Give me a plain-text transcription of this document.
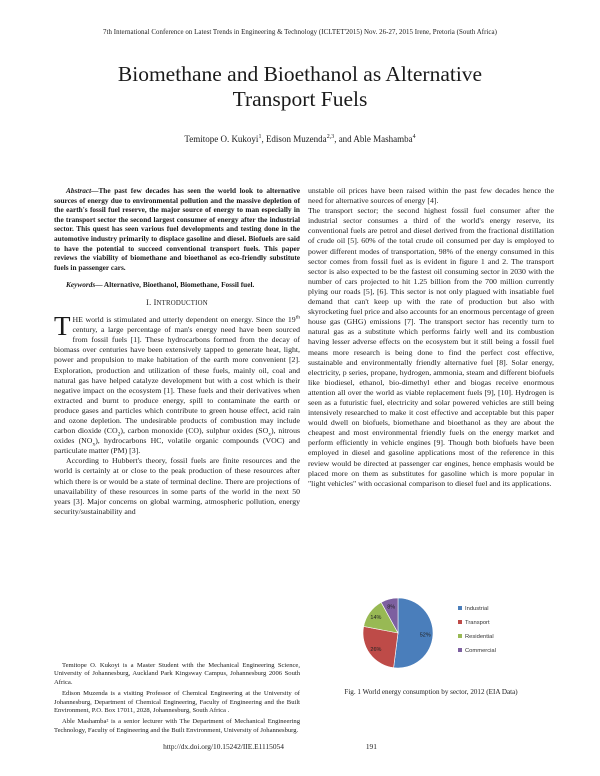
7th International Conference on Latest Trends in Engineering & Technology (ICLTET'2015) Nov. 26-27, 2015 Irene, Pretoria (South Africa)
Biomethane and Bioethanol as Alternative
Transport Fuels
Temitope O. Kukoyi$^1$, Edison Muzenda$^{2,3}$, and Able Mashamba$^4$

Abstract—The past few decades has seen the world look to alternative sources of energy due to environmental pollution and the massive depletion of the earth's fossil fuel reserve, the major source of energy to man especially in the transport sector the second largest consumer of energy after the industrial sector. This quest has seen various fuel developments and testing done in the automotive industry primarily to displace gasoline and diesel. Biofuels are said to have the potential to succeed conventional transport fuels. This paper reviews the viability of biomethane and bioethanol as eco-friendly substitute fuels in passenger cars.

Keywords— Alternative, Bioethanol, Biomethane, Fossil fuel.

I. INTRODUCTION

THE world is stimulated and utterly dependent on energy. Since the 19th century, a large percentage of man's energy need have been sourced from fossil fuels [1]. These hydrocarbons formed from the decay of biomass over centuries have been extensively tapped to generate heat, light, power and propulsion to make habitation of the earth more convenient [2]. Exploration, production and utilization of these fuels, mainly oil, coal and natural gas have helped catalyze development but with a cost which is their negative impact on the ecosystem [1]. These fuels and their derivatives when extracted and burnt to produce energy, spill to contaminate the earth or produce gases and particles which contribute to green house effect, acid rain and ozone depletion. The undesirable products of combustion may include carbon dioxide $(CO_2)$, carbon monoxide (CO), sulphur oxides $(SO_x)$, nitrous oxides $(NO_x)$, hydrocarbons HC, volatile organic compounds (VOC) and particulate matter (PM) [3].

According to Hubbert's theory, fossil fuels are finite resources and the world is certainly at or close to the peak production of these resources after which there is or would be a state of terminal decline. There are projections of unavailability of these resources in some parts of the world in the next 50 years [3]. Major concerns on global warming, atmospheric pollution, energy security/sustainability and

unstable oil prices have been raised within the past few decades hence the need for alternative sources of energy [4].

The transport sector; the second highest fossil fuel consumer after the industrial sector consumes a third of the world's energy reserve, its conventional fuels are petrol and diesel derived from the fractional distillation of crude oil [5]. 60% of the total crude oil consumed per day is employed to power different modes of transportation, 98% of the energy consumed in this sector comes from fossil fuel as is evident in figure 1 and 2. The transport sector is also expected to be the fastest oil consuming sector in 2030 with the number of cars projected to hit 1.25 billion from the 700 million currently plying our roads [5], [6]. This sector is not only plagued with insatiable fuel demand that can't keep up with the rate of production but also with skyrocketing fuel price and also accounts for an enormous percentage of green house gas (GHG) emissions [7]. The transport sector has recently turn to natural gas as a substitute which performs fairly well and its combustion having lesser adverse effects on the ecosystem but it still being a fossil fuel means more research is being done to find the perfect cost effective, sustainable and environmentally friendly alternative fuel [8]. Solar energy, electricity, p series, propane, hydrogen, ammonia, steam and different biofuels like biodiesel, ethanol, bio-dimethyl ether and biogas receive enormous attention all over the world as viable replacement fuels [9], [10]. Hydrogen is seen as a futuristic fuel, electricity and solar powered vehicles are still being intensively researched to make it cost effective and acceptable but this paper would dwell on biofuels, biomethane and bioethanol as they are about the cheapest and most environmental friendly fuels on the energy market and perform efficiently in vehicle engines [9]. Though both biofuels have been employed in diesel and gasoline applications most of the reference in this review would be directed at passenger car engines, hence emphasis would be placed more on them as substitutes for gasoline which is more popular in "light vehicles" with occasional comparison to diesel fuel and its applications.

Temitope O. Kukoyi is a Master Student with the Mechanical Engineering Science, University of Johannesburg, Auckland Park Kingsway Campus, Johannesburg 2006 South Africa.

Edison Muzenda is a visiting Professor of Chemical Engineering at the University of Johannesburg, Department of Chemical Engineering, Faculty of Engineering and the Built Environment, P.O. Box 17011, 2028, Johannesburg, South Africa .

Able Mashamba² is a senior lecturer with The Department of Mechanical Engineering Technology, Faculty of Engineering and the Built Environment, University of Johannesburg.

52%
26%
14%
8%	Industrial
Transport
Residential
Commercial
Fig. 1 World energy consumption by sector, 2012 (EIA Data)
http://dx.doi.org/10.15242/IIE.E1115054	191
